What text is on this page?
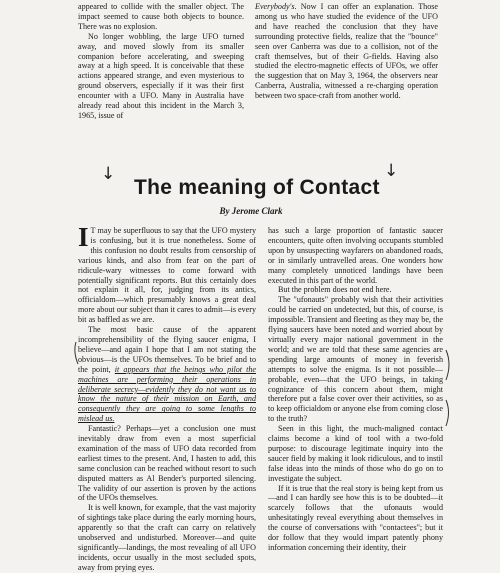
appeared to collide with the smaller object. The impact seemed to cause both objects to bounce. There was no explosion.

No longer wobbling, the large UFO turned away, and moved slowly from its smaller companion before accelerating, and sweeping away at a high speed. It is conceivable that these actions appeared strange, and even mysterious to ground observers, especially if it was their first encounter with a UFO. Many in Australia have already read about this incident in the March 3, 1965, issue of

Everybody's. Now I can offer an explanation. Those among us who have studied the evidence of the UFO and have reached the conclusion that they have surrounding protective fields, realize that the "bounce" seen over Canberra was due to a collision, not of the craft themselves, but of their G-fields. Having also studied the electro-magnetic effects of UFOs, we offer the suggestion that on May 3, 1964, the observers near Canberra, Australia, witnessed a re-charging operation between two space-craft from another world.

↓	↓
The meaning of Contact
By Jerome Clark

I T may be superfluous to say that the UFO mystery is confusing, but it is true nonetheless. Some of this confusion no doubt results from censorship of various kinds, and also from fear on the part of ridicule-wary witnesses to come forward with potentially significant reports. But this certainly does not explain it all, for, judging from its antics, officialdom—which presumably knows a great deal more about our subject than it cares to admit—is every bit as baffled as we are.

The most basic cause of the apparent incomprehensibility of the flying saucer enigma, I believe—and again I hope that I am not stating the obvious—is the UFOs themselves. To be brief and to the point, it appears that the beings who pilot the machines are performing their operations in deliberate secrecy—evidently they do not want us to know the nature of their mission on Earth, and consequently they are going to some lengths to mislead us.

Fantastic? Perhaps—yet a conclusion one must inevitably draw from even a most superficial examination of the mass of UFO data recorded from earliest times to the present. And, I hasten to add, this same conclusion can be reached without resort to such disputed matters as Al Bender's purported silencing. The validity of our assertion is proven by the actions of the UFOs themselves.

It is well known, for example, that the vast majority of sightings take place during the early morning hours, apparently so that the craft can carry on relatively unobserved and undisturbed. Moreover—and quite significantly—landings, the most revealing of all UFO incidents, occur usually in the most secluded spots, away from prying eyes.

has such a large proportion of fantastic saucer encounters, quite often involving occupants stumbled upon by unsuspecting wayfarers on abandoned roads, or in similarly untravelled areas. One wonders how many completely unnoticed landings have been executed in this part of the world.

But the problem does not end here.

The "ufonauts" probably wish that their activities could be carried on undetected, but this, of course, is impossible. Transient and fleeting as they may be, the flying saucers have been noted and worried about by virtually every major national government in the world; and we are told that these same agencies are spending large amounts of money in feverish attempts to solve the enigma. Is it not possible—probable, even—that the UFO beings, in taking cognizance of this concern about them, might therefore put a false cover over their activities, so as to keep officialdom or anyone else from coming close to the truth?

Seen in this light, the much-maligned contact claims become a kind of tool with a two-fold purpose: to discourage legitimate inquiry into the saucer field by making it look ridiculous, and to instil false ideas into the minds of those who do go on to investigate the subject.

If it is true that the real story is being kept from us—and I can hardly see how this is to be doubted—it scarcely follows that the ufonauts would unhesitatingly reveal everything about themselves in the course of conversations with "contactees"; but it dor follow that they would impart patently phony information concerning their identity, their
